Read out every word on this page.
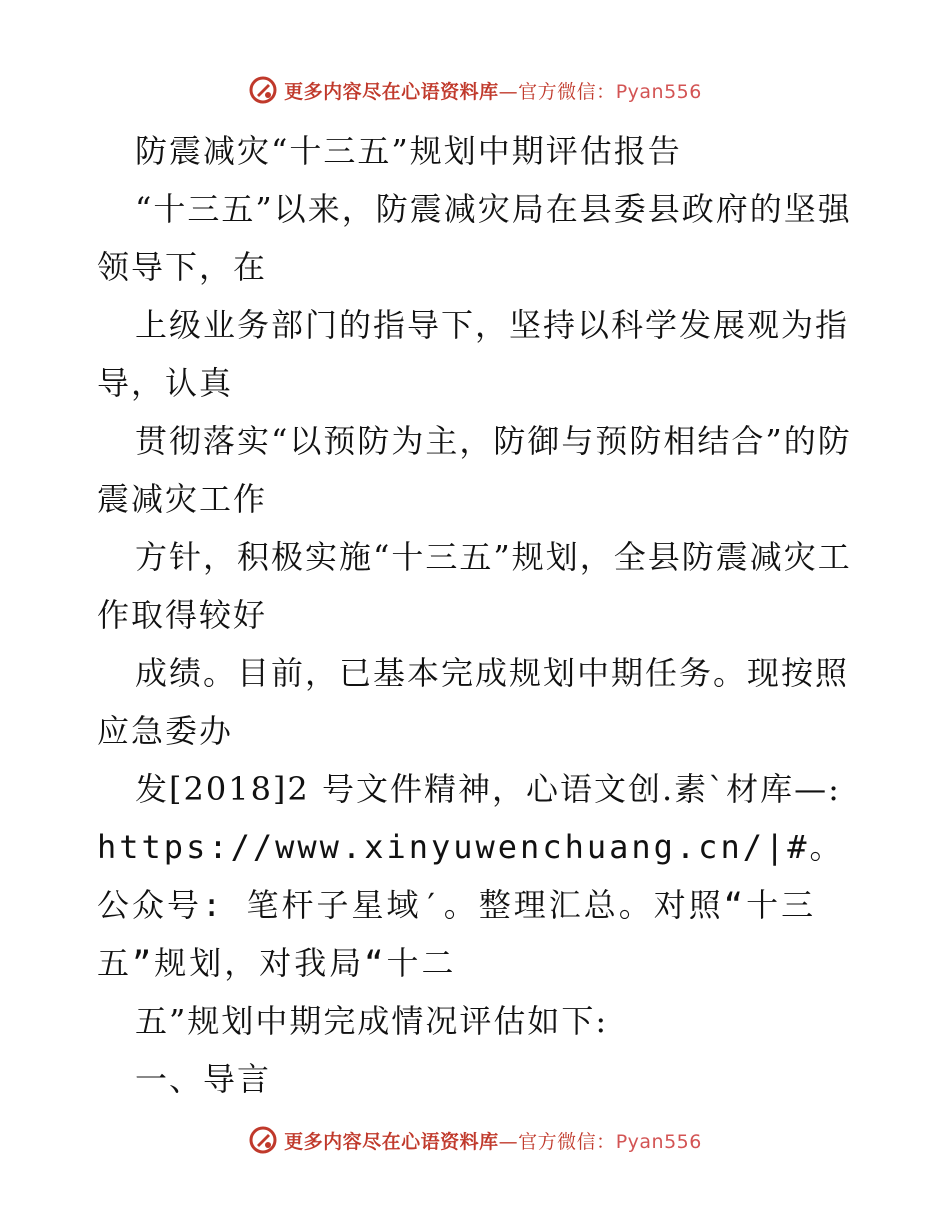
更多内容尽在心语资料库—官方微信：Pyan556

防震减灾“十三五”规划中期评估报告

“十三五”以来，防震减灾局在县委县政府的坚强领导下，在

上级业务部门的指导下，坚持以科学发展观为指导，认真

贯彻落实“以预防为主，防御与预防相结合”的防震减灾工作

方针，积极实施“十三五”规划，全县防震减灾工作取得较好

成绩。目前，已基本完成规划中期任务。现按照应急委办

发[2018]2 号文件精神，心语文创.素`材库—:

https://www.xinyuwenchuang.cn/|#。公众号: 笔杆子星域′。整理汇总。对照“十三五”规划，对我局“十二

五”规划中期完成情况评估如下:

一、导言

更多内容尽在心语资料库—官方微信：Pyan556
